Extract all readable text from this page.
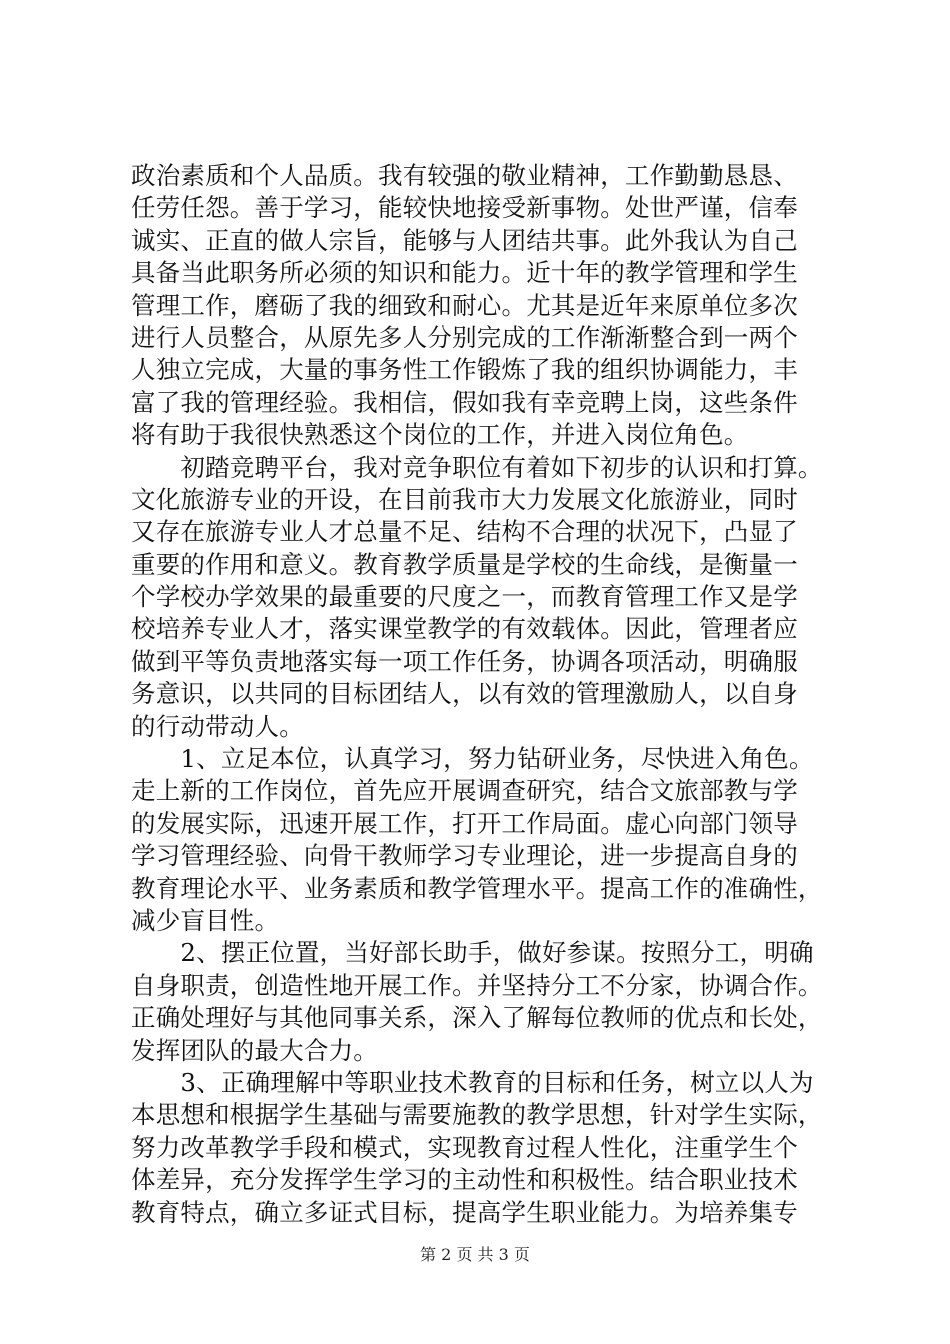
政治素质和个人品质。我有较强的敬业精神，工作勤勤恳恳、
任劳任怨。善于学习，能较快地接受新事物。处世严谨，信奉
诚实、正直的做人宗旨，能够与人团结共事。此外我认为自己
具备当此职务所必须的知识和能力。近十年的教学管理和学生
管理工作，磨砺了我的细致和耐心。尤其是近年来原单位多次
进行人员整合，从原先多人分别完成的工作渐渐整合到一两个
人独立完成，大量的事务性工作锻炼了我的组织协调能力，丰
富了我的管理经验。我相信，假如我有幸竞聘上岗，这些条件
将有助于我很快熟悉这个岗位的工作，并进入岗位角色。
　　初踏竞聘平台，我对竞争职位有着如下初步的认识和打算。
文化旅游专业的开设，在目前我市大力发展文化旅游业，同时
又存在旅游专业人才总量不足、结构不合理的状况下，凸显了
重要的作用和意义。教育教学质量是学校的生命线，是衡量一
个学校办学效果的最重要的尺度之一，而教育管理工作又是学
校培养专业人才，落实课堂教学的有效载体。因此，管理者应
做到平等负责地落实每一项工作任务，协调各项活动，明确服
务意识，以共同的目标团结人，以有效的管理激励人，以自身
的行动带动人。
　　1、立足本位，认真学习，努力钻研业务，尽快进入角色。
走上新的工作岗位，首先应开展调查研究，结合文旅部教与学
的发展实际，迅速开展工作，打开工作局面。虚心向部门领导
学习管理经验、向骨干教师学习专业理论，进一步提高自身的
教育理论水平、业务素质和教学管理水平。提高工作的准确性，
减少盲目性。
　　2、摆正位置，当好部长助手，做好参谋。按照分工，明确
自身职责，创造性地开展工作。并坚持分工不分家，协调合作。
正确处理好与其他同事关系，深入了解每位教师的优点和长处，
发挥团队的最大合力。
　　3、正确理解中等职业技术教育的目标和任务，树立以人为
本思想和根据学生基础与需要施教的教学思想，针对学生实际，
努力改革教学手段和模式，实现教育过程人性化，注重学生个
体差异，充分发挥学生学习的主动性和积极性。结合职业技术
教育特点，确立多证式目标，提高学生职业能力。为培养集专
第 2 页 共 3 页
